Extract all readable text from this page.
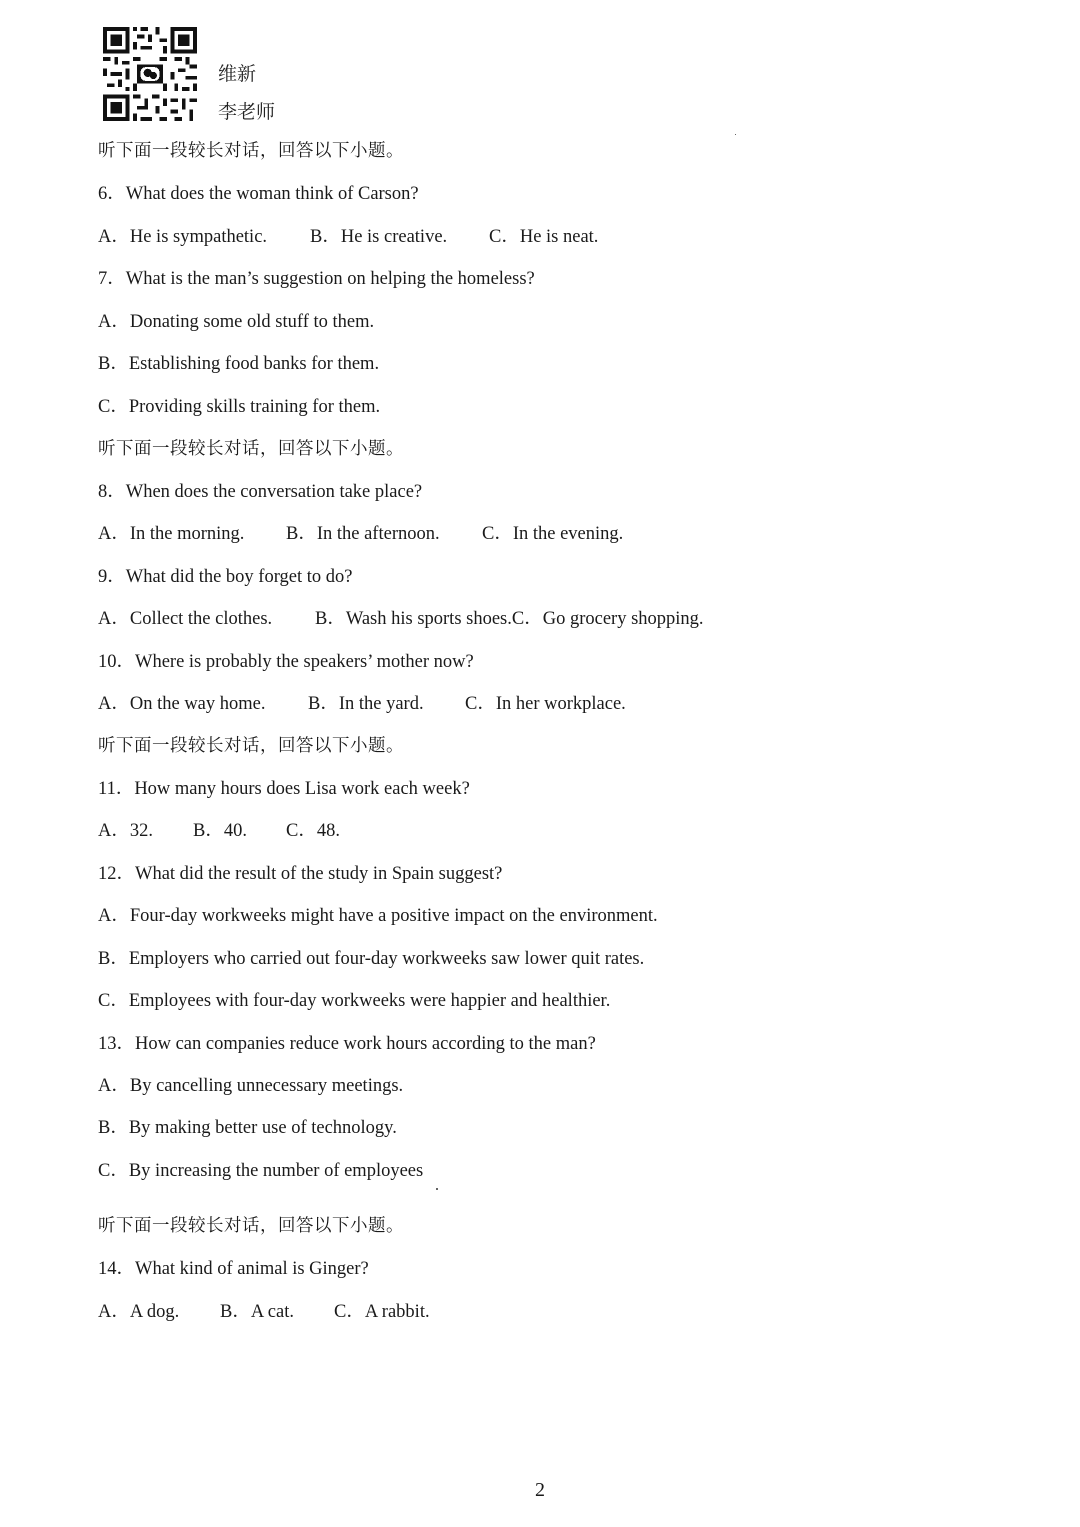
维新
李老师
听下面一段较长对话，回答以下小题。
6．What does the woman think of Carson?
A．He is sympathetic. B．He is creative. C．He is neat.
7．What is the man’s suggestion on helping the homeless?
A．Donating some old stuff to them.
B．Establishing food banks for them.
C．Providing skills training for them.
听下面一段较长对话，回答以下小题。
8．When does the conversation take place?
A．In the morning. B．In the afternoon. C．In the evening.
9．What did the boy forget to do?
A．Collect the clothes. B．Wash his sports shoes.C．Go grocery shopping.
10．Where is probably the speakers’ mother now?
A．On the way home. B．In the yard. C．In her workplace.
听下面一段较长对话，回答以下小题。
11．How many hours does Lisa work each week?
A．32. B．40. C．48.
12．What did the result of the study in Spain suggest?
A．Four-day workweeks might have a positive impact on the environment.
B．Employers who carried out four-day workweeks saw lower quit rates.
C．Employees with four-day workweeks were happier and healthier.
13．How can companies reduce work hours according to the man?
A．By cancelling unnecessary meetings.
B．By making better use of technology.
C．By increasing the number of employees
听下面一段较长对话，回答以下小题。
14．What kind of animal is Ginger?
A．A dog. B．A cat. C．A rabbit.
2
